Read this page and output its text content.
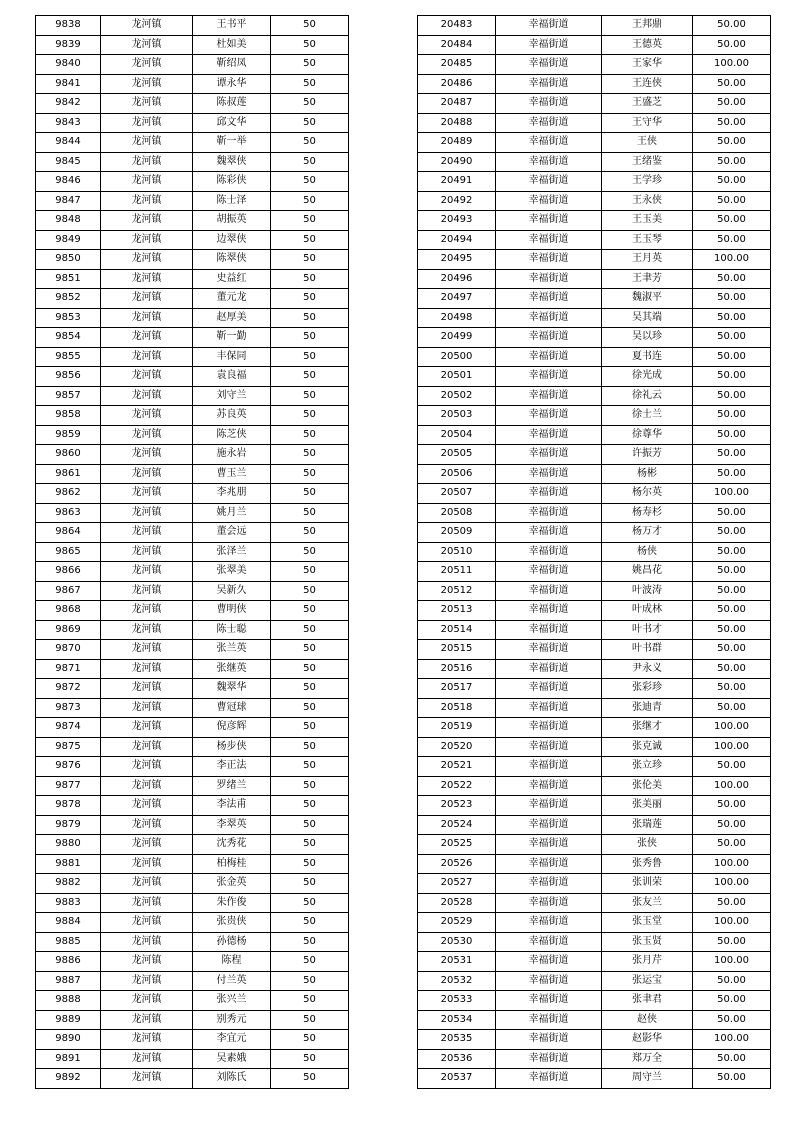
9838	龙河镇	王书平	50
9839	龙河镇	杜如美	50
9840	龙河镇	靳绍凤	50
9841	龙河镇	谭永华	50
9842	龙河镇	陈叔莲	50
9843	龙河镇	邱文华	50
9844	龙河镇	靳一举	50
9845	龙河镇	魏翠侠	50
9846	龙河镇	陈彩侠	50
9847	龙河镇	陈士泽	50
9848	龙河镇	胡振英	50
9849	龙河镇	边翠侠	50
9850	龙河镇	陈翠侠	50
9851	龙河镇	史益红	50
9852	龙河镇	董元龙	50
9853	龙河镇	赵厚美	50
9854	龙河镇	靳一勤	50
9855	龙河镇	丰保同	50
9856	龙河镇	袁良福	50
9857	龙河镇	刘守兰	50
9858	龙河镇	苏良英	50
9859	龙河镇	陈芝侠	50
9860	龙河镇	施永岩	50
9861	龙河镇	曹玉兰	50
9862	龙河镇	李兆朋	50
9863	龙河镇	姚月兰	50
9864	龙河镇	董会远	50
9865	龙河镇	张泽兰	50
9866	龙河镇	张翠美	50
9867	龙河镇	吴新久	50
9868	龙河镇	曹明侠	50
9869	龙河镇	陈士聪	50
9870	龙河镇	张兰英	50
9871	龙河镇	张继英	50
9872	龙河镇	魏翠华	50
9873	龙河镇	曹冠球	50
9874	龙河镇	倪彦辉	50
9875	龙河镇	杨步侠	50
9876	龙河镇	李正法	50
9877	龙河镇	罗绪兰	50
9878	龙河镇	李法甫	50
9879	龙河镇	李翠英	50
9880	龙河镇	沈秀花	50
9881	龙河镇	柏梅桂	50
9882	龙河镇	张金英	50
9883	龙河镇	朱作俊	50
9884	龙河镇	张贵侠	50
9885	龙河镇	孙德杨	50
9886	龙河镇	陈程	50
9887	龙河镇	付兰英	50
9888	龙河镇	张兴兰	50
9889	龙河镇	别秀元	50
9890	龙河镇	李宜元	50
9891	龙河镇	吴素娥	50
9892	龙河镇	刘陈氏	50
20483	幸福街道	王邦鼎	50.00
20484	幸福街道	王德英	50.00
20485	幸福街道	王家华	100.00
20486	幸福街道	王连侠	50.00
20487	幸福街道	王盛芝	50.00
20488	幸福街道	王守华	50.00
20489	幸福街道	王侠	50.00
20490	幸福街道	王绪鉴	50.00
20491	幸福街道	王学珍	50.00
20492	幸福街道	王永侠	50.00
20493	幸福街道	王玉美	50.00
20494	幸福街道	王玉琴	50.00
20495	幸福街道	王月英	100.00
20496	幸福街道	王聿芳	50.00
20497	幸福街道	魏淑平	50.00
20498	幸福街道	吴其端	50.00
20499	幸福街道	吴以珍	50.00
20500	幸福街道	夏书连	50.00
20501	幸福街道	徐光成	50.00
20502	幸福街道	徐礼云	50.00
20503	幸福街道	徐士兰	50.00
20504	幸福街道	徐尊华	50.00
20505	幸福街道	许振芳	50.00
20506	幸福街道	杨彬	50.00
20507	幸福街道	杨尔英	100.00
20508	幸福街道	杨寿杉	50.00
20509	幸福街道	杨万才	50.00
20510	幸福街道	杨侠	50.00
20511	幸福街道	姚昌花	50.00
20512	幸福街道	叶波涛	50.00
20513	幸福街道	叶成林	50.00
20514	幸福街道	叶书才	50.00
20515	幸福街道	叶书群	50.00
20516	幸福街道	尹永义	50.00
20517	幸福街道	张彩珍	50.00
20518	幸福街道	张迪青	50.00
20519	幸福街道	张继才	100.00
20520	幸福街道	张克诚	100.00
20521	幸福街道	张立珍	50.00
20522	幸福街道	张伦美	100.00
20523	幸福街道	张美丽	50.00
20524	幸福街道	张瑞莲	50.00
20525	幸福街道	张侠	50.00
20526	幸福街道	张秀鲁	100.00
20527	幸福街道	张训荣	100.00
20528	幸福街道	张友兰	50.00
20529	幸福街道	张玉堂	100.00
20530	幸福街道	张玉贤	50.00
20531	幸福街道	张月芹	100.00
20532	幸福街道	张运宝	50.00
20533	幸福街道	张聿君	50.00
20534	幸福街道	赵侠	50.00
20535	幸福街道	赵影华	100.00
20536	幸福街道	郑万全	50.00
20537	幸福街道	周守兰	50.00
